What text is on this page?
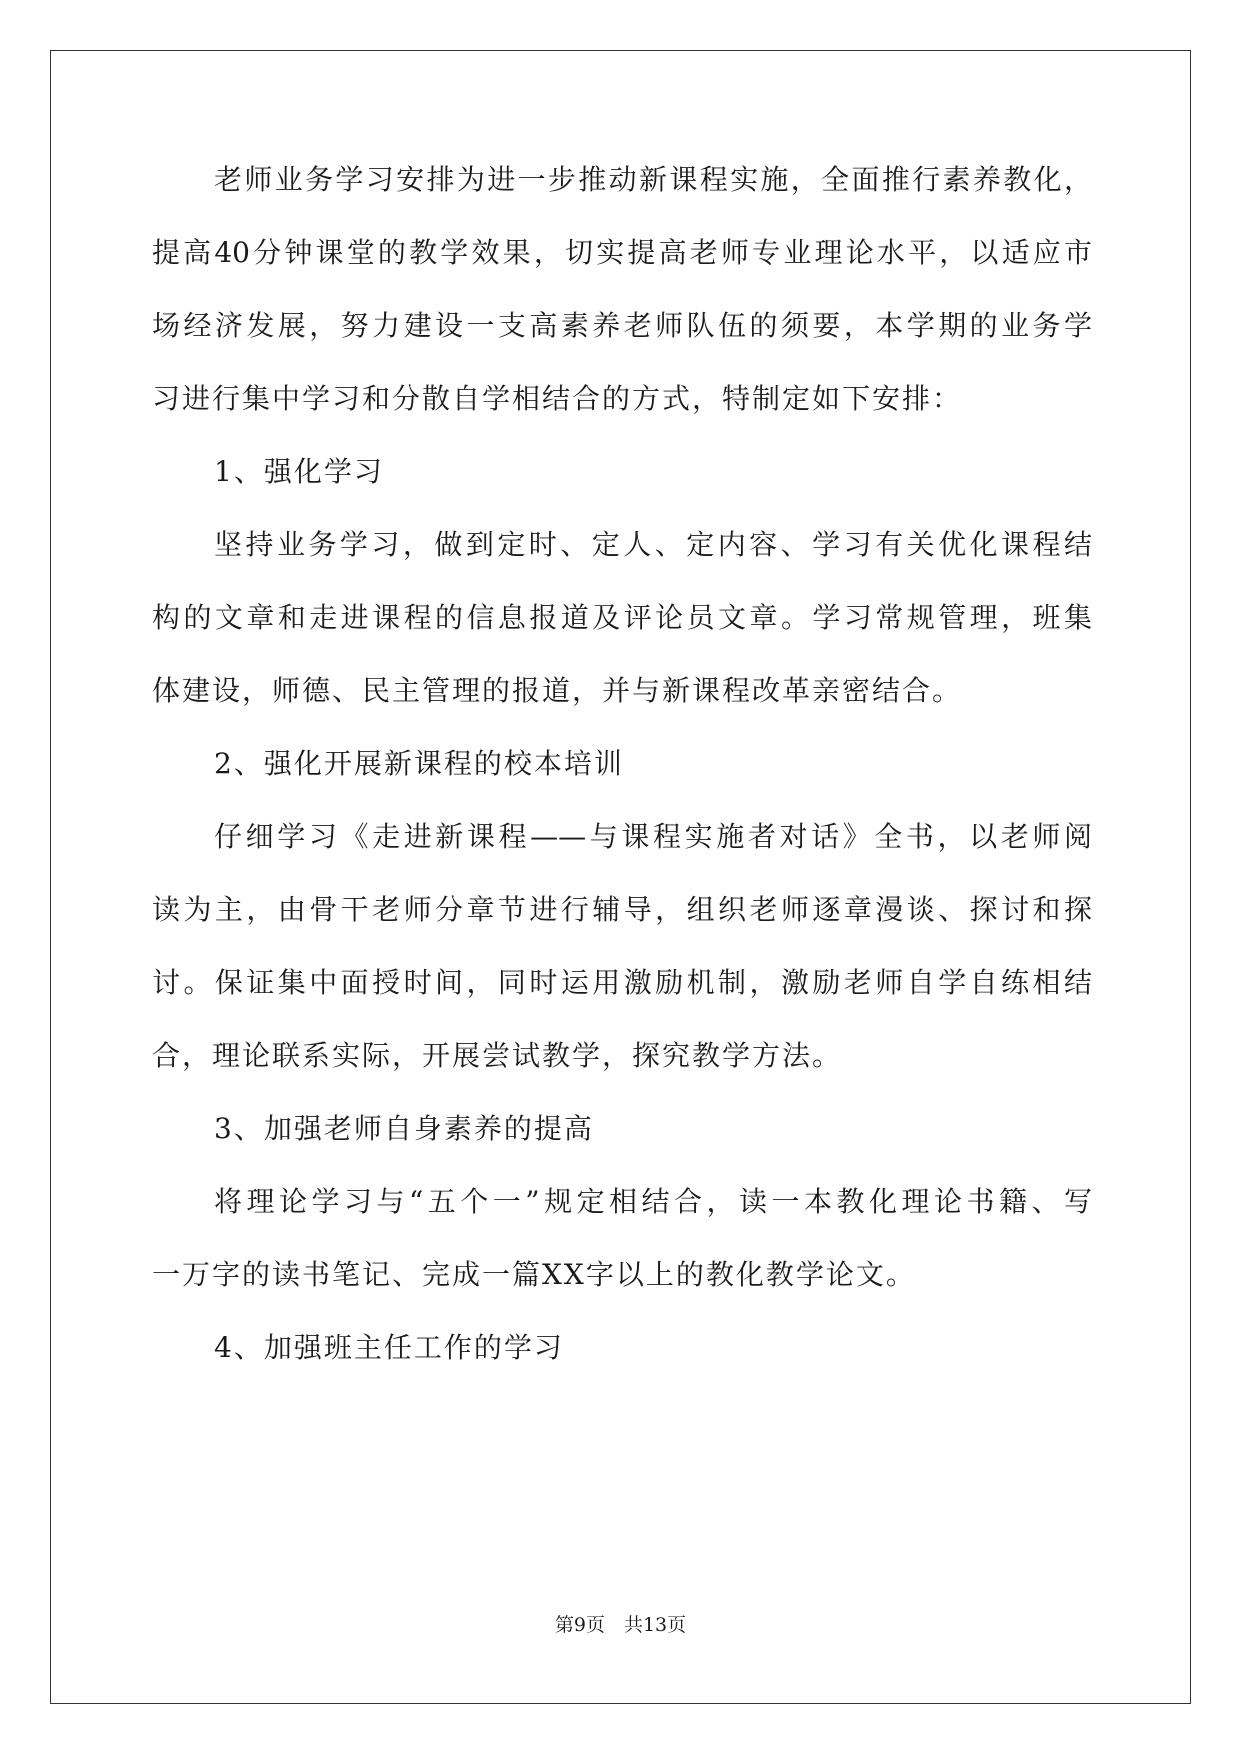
老师业务学习安排为进一步推动新课程实施，全面推行素养教化，
提高40分钟课堂的教学效果，切实提高老师专业理论水平，以适应市
场经济发展，努力建设一支高素养老师队伍的须要，本学期的业务学
习进行集中学习和分散自学相结合的方式，特制定如下安排：
1、强化学习
坚持业务学习，做到定时、定人、定内容、学习有关优化课程结
构的文章和走进课程的信息报道及评论员文章。学习常规管理，班集
体建设，师德、民主管理的报道，并与新课程改革亲密结合。
2、强化开展新课程的校本培训
仔细学习《走进新课程——与课程实施者对话》全书，以老师阅
读为主，由骨干老师分章节进行辅导，组织老师逐章漫谈、探讨和探
讨。保证集中面授时间，同时运用激励机制，激励老师自学自练相结
合，理论联系实际，开展尝试教学，探究教学方法。
3、加强老师自身素养的提高
将理论学习与“五个一”规定相结合，读一本教化理论书籍、写
一万字的读书笔记、完成一篇XX字以上的教化教学论文。
4、加强班主任工作的学习
第9页　共13页
